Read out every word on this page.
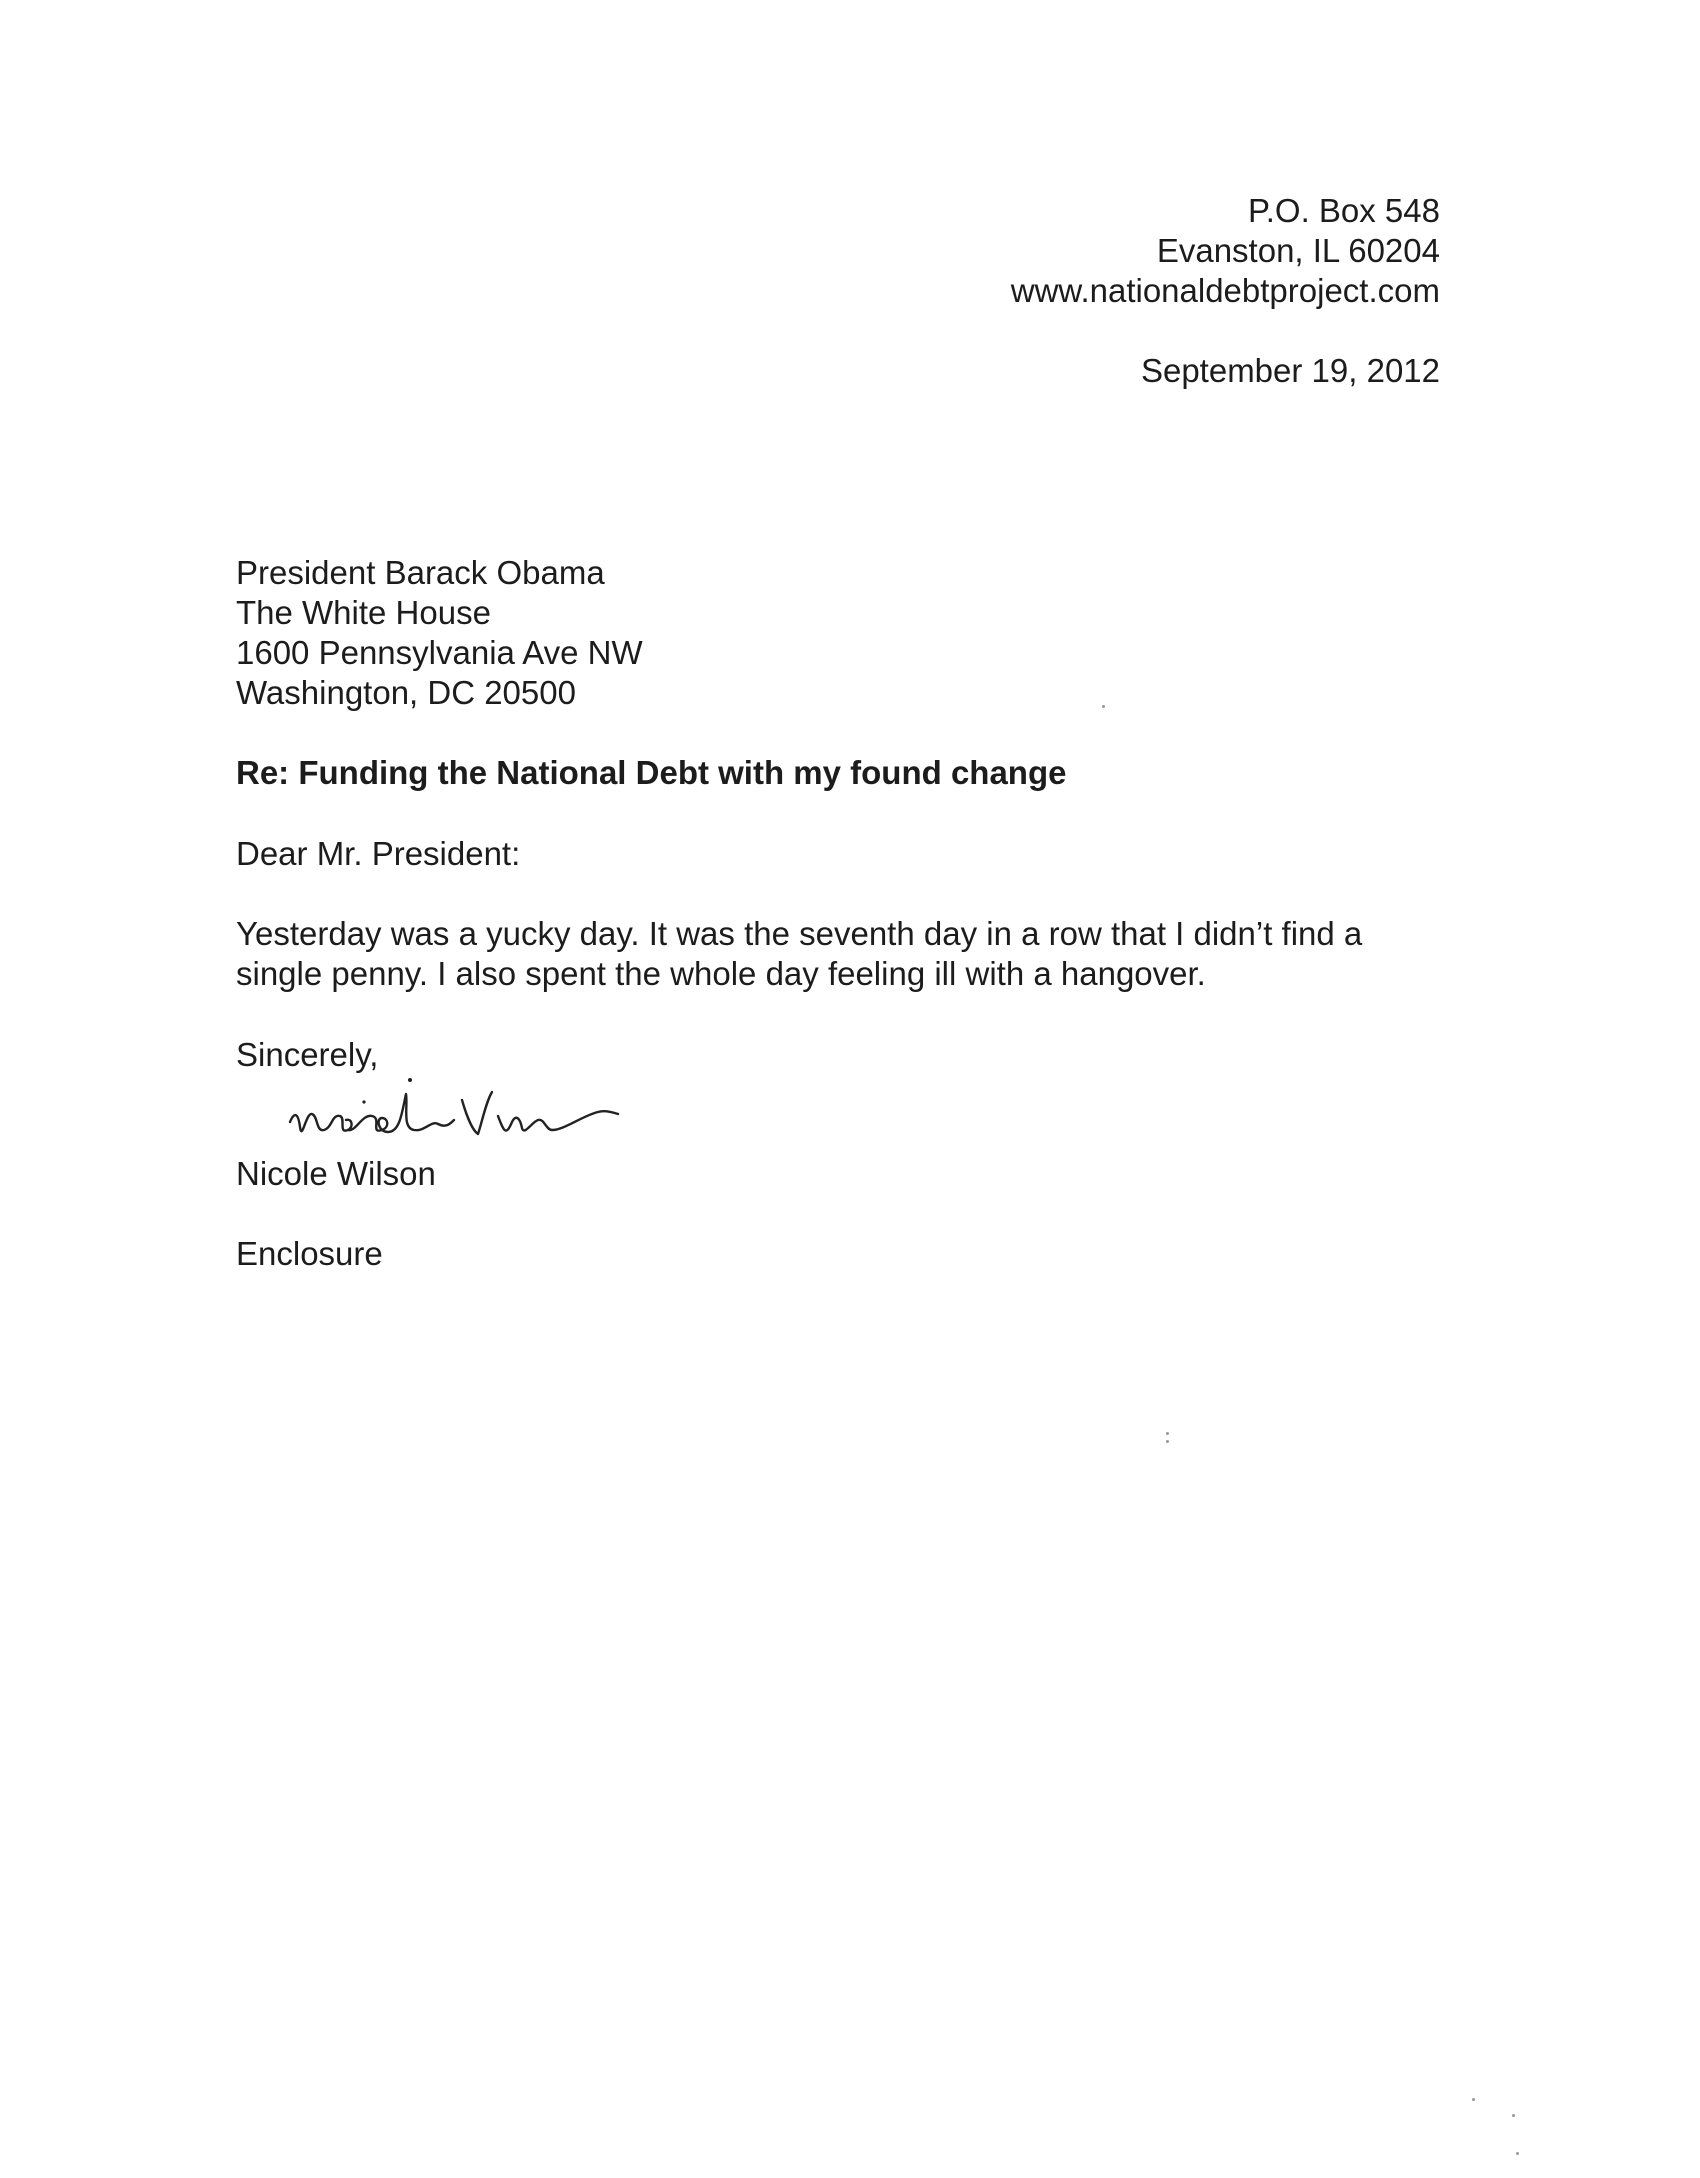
P.O. Box 548

Evanston, IL 60204

www.nationaldebtproject.com

September 19, 2012

President Barack Obama

The White House

1600 Pennsylvania Ave NW

Washington, DC 20500

Re: Funding the National Debt with my found change

Dear Mr. President:

Yesterday was a yucky day. It was the seventh day in a row that I didn’t find a

single penny. I also spent the whole day feeling ill with a hangover.

Sincerely,

Nicole Wilson

Enclosure
